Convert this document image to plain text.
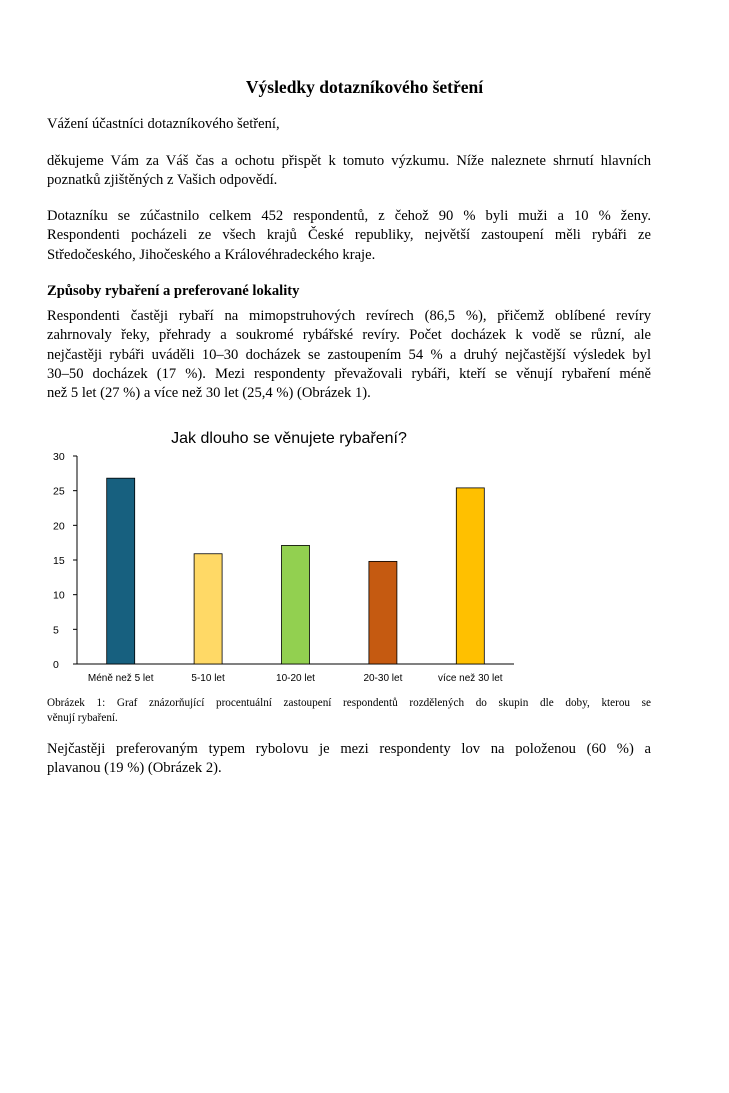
Výsledky dotazníkového šetření
Vážení účastníci dotazníkového šetření,
děkujeme Vám za Váš čas a ochotu přispět k tomuto výzkumu. Níže naleznete shrnutí hlavních
poznatků zjištěných z Vašich odpovědí.
Dotazníku se zúčastnilo celkem 452 respondentů, z čehož 90 % byli muži a 10 % ženy.
Respondenti pocházeli ze všech krajů České republiky, největší zastoupení měli rybáři ze
Středočeského, Jihočeského a Královéhradeckého kraje.
Způsoby rybaření a preferované lokality
Respondenti častěji rybaří na mimopstruhových revírech (86,5 %), přičemž oblíbené revíry
zahrnovaly řeky, přehrady a soukromé rybářské revíry. Počet docházek k vodě se různí, ale
nejčastěji rybáři uváděli 10–30 docházek se zastoupením 54 % a druhý nejčastější výsledek byl
30–50 docházek (17 %). Mezi respondenty převažovali rybáři, kteří se věnují rybaření méně
než 5 let (27 %) a více než 30 let (25,4 %) (Obrázek 1).
Jak dlouho se věnujete rybaření?
0
5
10
15
20
25
30
Méně než 5 let	5-10 let	10-20 let	20-30 let	více než 30 let
Obrázek 1: Graf znázorňující procentuální zastoupení respondentů rozdělených do skupin dle doby, kterou se
věnují rybaření.
Nejčastěji preferovaným typem rybolovu je mezi respondenty lov na položenou (60 %) a
plavanou (19 %) (Obrázek 2).
